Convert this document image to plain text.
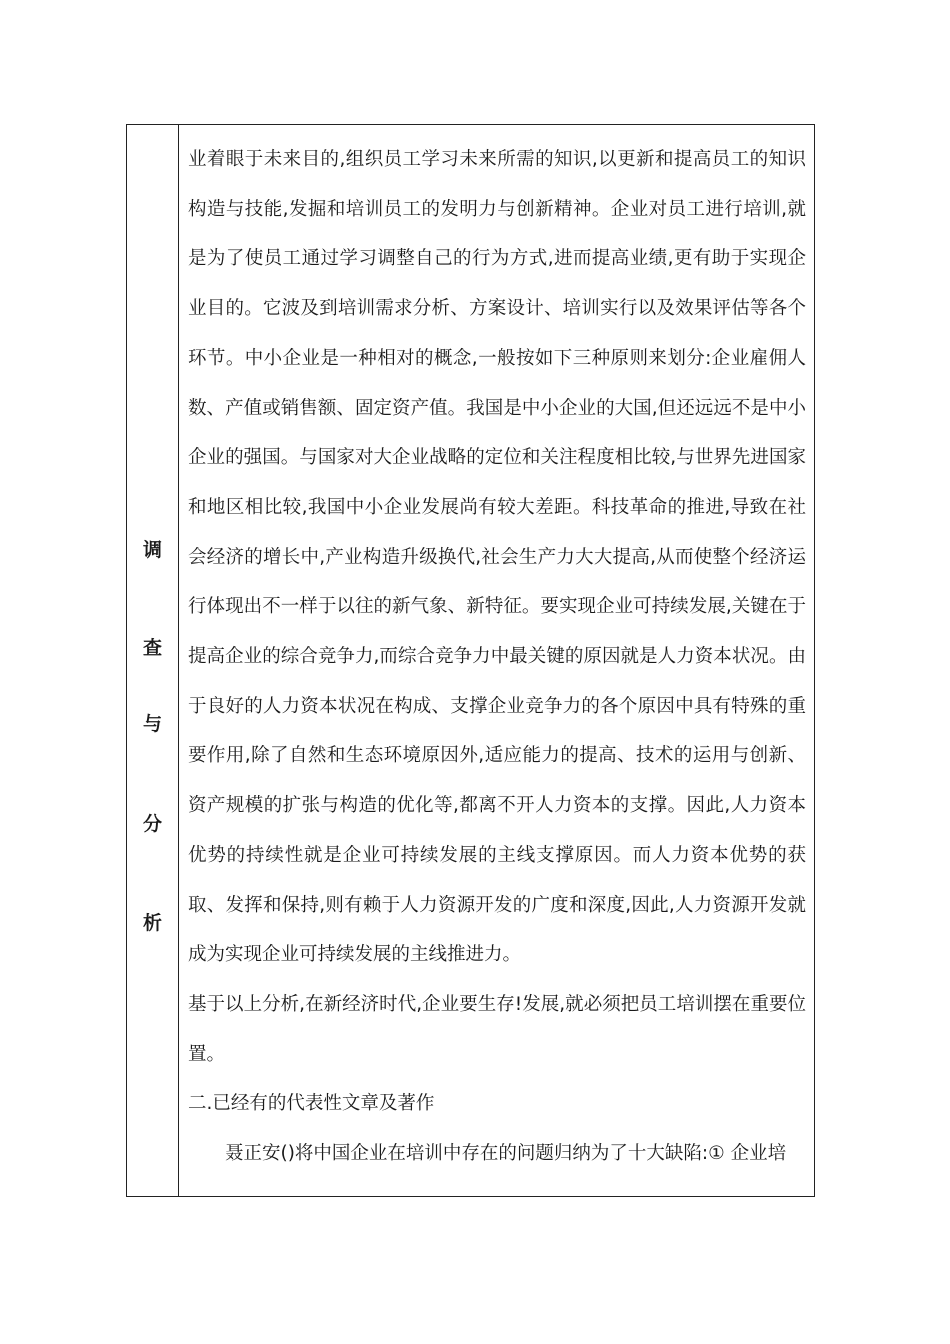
调
查
与
分
析

业着眼于未来目的,组织员工学习未来所需的知识,以更新和提高员工的知识构造与技能,发掘和培训员工的发明力与创新精神。企业对员工进行培训,就是为了使员工通过学习调整自己的行为方式,进而提高业绩,更有助于实现企业目的。它波及到培训需求分析、方案设计、培训实行以及效果评估等各个环节。中小企业是一种相对的概念,一般按如下三种原则来划分:企业雇佣人数、产值或销售额、固定资产值。我国是中小企业的大国,但还远远不是中小企业的强国。与国家对大企业战略的定位和关注程度相比较,与世界先进国家和地区相比较,我国中小企业发展尚有较大差距。科技革命的推进,导致在社会经济的增长中,产业构造升级换代,社会生产力大大提高,从而使整个经济运行体现出不一样于以往的新气象、新特征。要实现企业可持续发展,关键在于提高企业的综合竞争力,而综合竞争力中最关键的原因就是人力资本状况。由于良好的人力资本状况在构成、支撑企业竞争力的各个原因中具有特殊的重要作用,除了自然和生态环境原因外,适应能力的提高、技术的运用与创新、资产规模的扩张与构造的优化等,都离不开人力资本的支撑。因此,人力资本优势的持续性就是企业可持续发展的主线支撑原因。而人力资本优势的获取、发挥和保持,则有赖于人力资源开发的广度和深度,因此,人力资源开发就成为实现企业可持续发展的主线推进力。

基于以上分析,在新经济时代,企业要生存!发展,就必须把员工培训摆在重要位置。

二.已经有的代表性文章及著作

聂正安()将中国企业在培训中存在的问题归纳为了十大缺陷:① 企业培
